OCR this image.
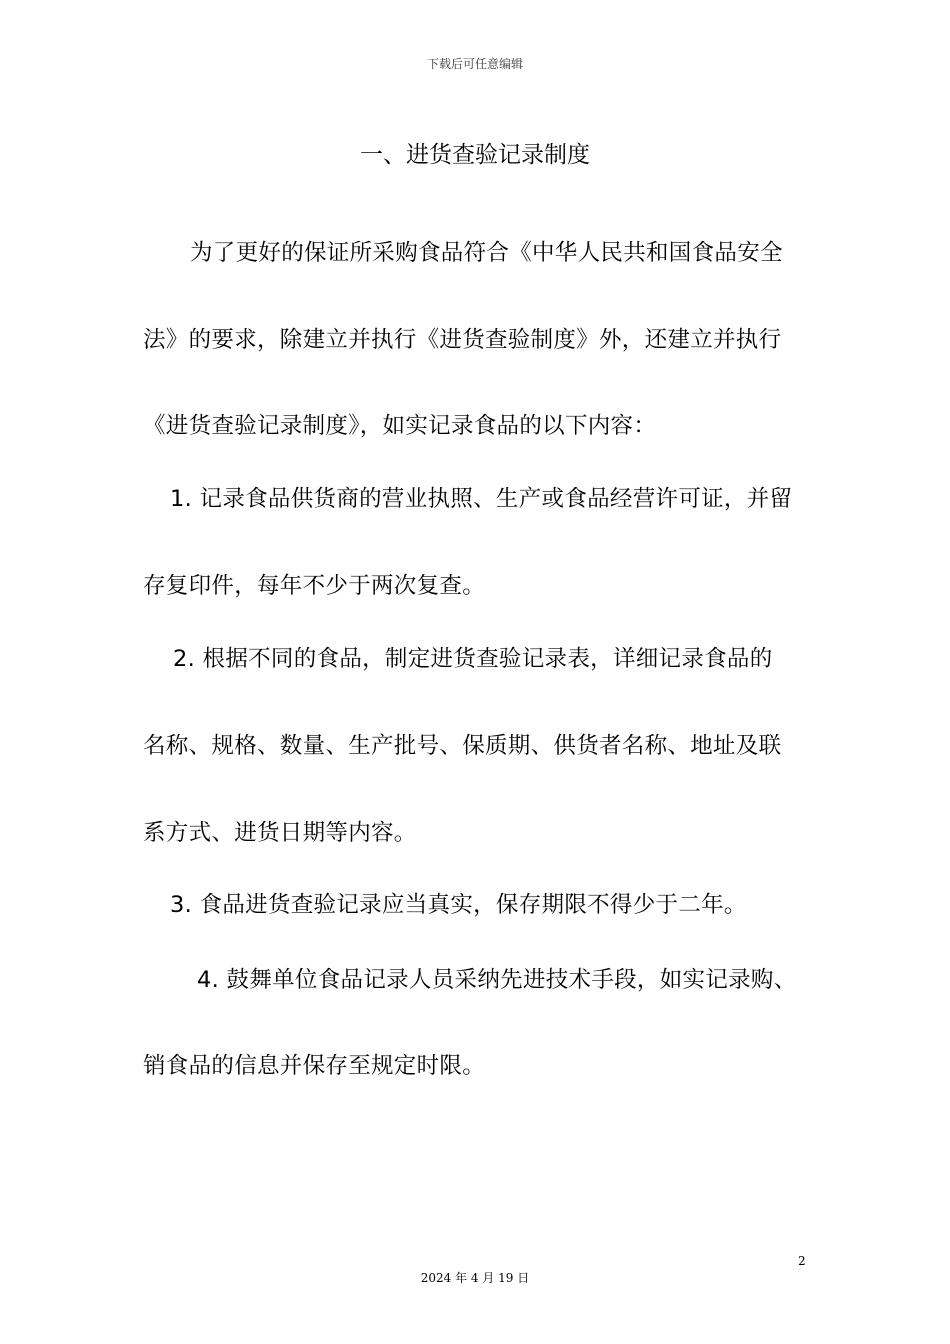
下载后可任意编辑
一、进货查验记录制度
为了更好的保证所采购食品符合《中华人民共和国食品安全
法》的要求，除建立并执行《进货查验制度》外，还建立并执行
《进货查验记录制度》，如实记录食品的以下内容：
1. 记录食品供货商的营业执照、生产或食品经营许可证，并留
存复印件，每年不少于两次复查。
2. 根据不同的食品，制定进货查验记录表，详细记录食品的
名称、规格、数量、生产批号、保质期、供货者名称、地址及联
系方式、进货日期等内容。
3. 食品进货查验记录应当真实，保存期限不得少于二年。
4. 鼓舞单位食品记录人员采纳先进技术手段，如实记录购、
销食品的信息并保存至规定时限。
2
2024 年 4 月 19 日
